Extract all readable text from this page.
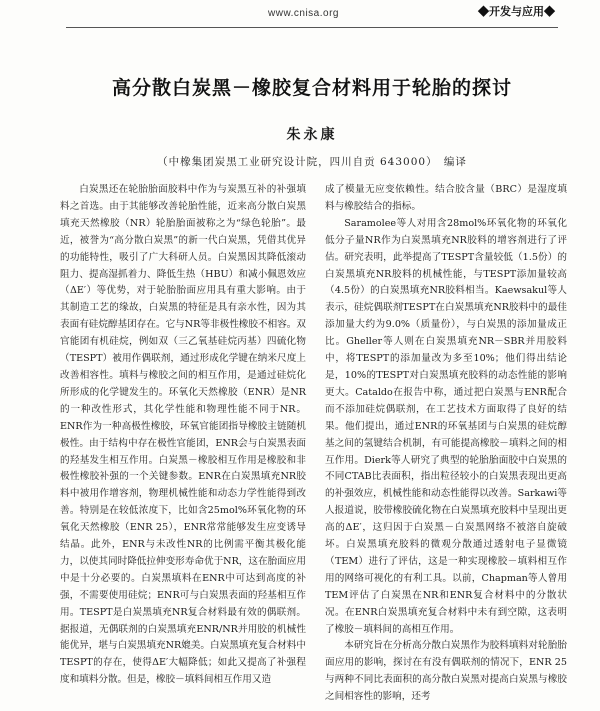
www.cnisa.org	◆开发与应用◆
高分散白炭黑－橡胶复合材料用于轮胎的探讨
朱永康
（中橡集团炭黑工业研究设计院，四川自贡 643000）　编译

白炭黑还在轮胎胎面胶料中作为与炭黑互补的补强填料之首选。由于其能够改善轮胎性能，近来高分散白炭黑填充天然橡胶（NR）轮胎胎面被称之为“绿色轮胎”。最近，被誉为“高分散白炭黑”的新一代白炭黑，凭借其优异的功能特性，吸引了广大科研人员。白炭黑因其降低滚动阻力、提高湿抓着力、降低生热（HBU）和减小佩恩效应（ΔE′）等优势，对于轮胎胎面应用具有重大影响。由于其制造工艺的缘故，白炭黑的特征是具有亲水性，因为其表面有硅烷醇基团存在。它与NR等非极性橡胶不相容。双官能团有机硅烷，例如双（三乙氧基硅烷丙基）四硫化物（TESPT）被用作偶联剂，通过形成化学键在纳米尺度上改善相容性。填料与橡胶之间的相互作用，是通过硅烷化所形成的化学键发生的。环氧化天然橡胶（ENR）是NR的一种改性形式，其化学性能和物理性能不同于NR。ENR作为一种高极性橡胶，环氧官能团指导橡胶主链随机极性。由于结构中存在极性官能团，ENR会与白炭黑表面的羟基发生相互作用。白炭黑－橡胶相互作用是橡胶和非极性橡胶补强的一个关键参数。ENR在白炭黑填充NR胶料中被用作增容剂，物理机械性能和动态力学性能得到改善。特别是在较低浓度下，比如含25mol%环氧化物的环氧化天然橡胶（ENR 25），ENR常常能够发生应变诱导结晶。此外，ENR与未改性NR的比例需平衡其极化能力，以使其同时降低拉伸变形寿命优于NR，这在胎面应用中是十分必要的。白炭黑填料在ENR中可达到高度的补强，不需要使用硅烷；ENR可与白炭黑表面的羟基相互作用。TESPT是白炭黑填充NR复合材料最有效的偶联剂。据报道，无偶联剂的白炭黑填充ENR/NR并用胶的机械性能优异，堪与白炭黑填充NR媲美。白炭黑填充复合材料中TESPT的存在，使得ΔE′大幅降低；如此又提高了补强程度和填料分散。但是，橡胶－填料间相互作用又造

成了模量无应变依赖性。结合胶含量（BRC）是湿度填料与橡胶结合的指标。

Saramolee等人对用含28mol%环氧化物的环氧化低分子量NR作为白炭黑填充NR胶料的增容剂进行了评估。研究表明，此举提高了TESPT含量较低（1.5份）的白炭黑填充NR胶料的机械性能，与TESPT添加量较高（4.5份）的白炭黑填充NR胶料相当。Kaewsakul等人表示，硅烷偶联剂TESPT在白炭黑填充NR胶料中的最佳添加量大约为9.0%（质量份），与白炭黑的添加量成正比。Gheller等人则在白炭黑填充NR－SBR并用胶料中，将TESPT的添加量改为多至10%；他们得出结论是，10%的TESPT对白炭黑填充胶料的动态性能的影响更大。Cataldo在报告中称，通过把白炭黑与ENR配合而不添加硅烷偶联剂，在工艺技术方面取得了良好的结果。他们提出，通过ENR的环氧基团与白炭黑的硅烷醇基之间的氢键结合机制，有可能提高橡胶－填料之间的相互作用。Dierk等人研究了典型的轮胎胎面胶中白炭黑的不同CTAB比表面积，指出粒径较小的白炭黑表现出更高的补强效应，机械性能和动态性能得以改善。Sarkawi等人报道说，胶带橡胶硫化物在白炭黑填充胶料中呈现出更高的ΔE′，这归因于白炭黑－白炭黑网络不被溶自旋破坏。白炭黑填充胶料的微观分散通过透射电子显微镜（TEM）进行了评估，这是一种实现橡胶－填料相互作用的网络可视化的有利工具。以前，Chapman等人曾用TEM评估了白炭黑在NR和ENR复合材料中的分散状况。在ENR白炭黑填充复合材料中未有到空隙，这表明了橡胶－填料间的高相互作用。

本研究旨在分析高分散白炭黑作为胶料填料对轮胎胎面应用的影响，探讨在有没有偶联剂的情况下，ENR 25与两种不同比表面积的高分散白炭黑对提高白炭黑与橡胶之间相容性的影响，还考
